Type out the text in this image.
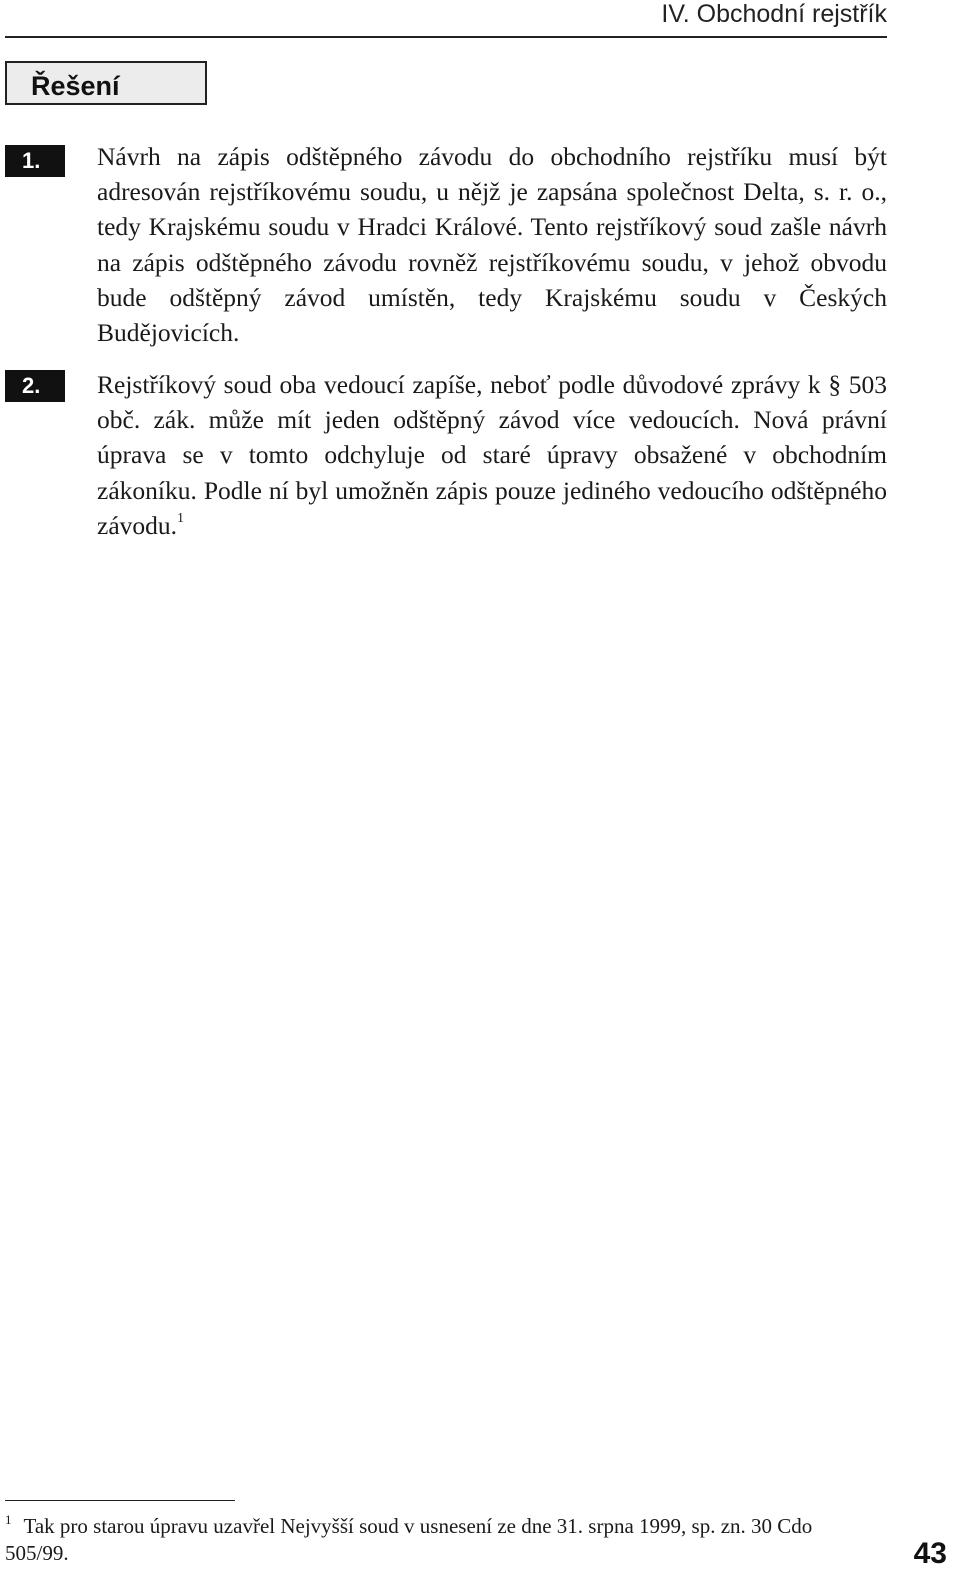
IV. Obchodní rejstřík
Řešení
1.	Návrh na zápis odštěpného závodu do obchodního rejstříku musí být adresován rejstříkovému soudu, u nějž je zapsána společnost Delta, s. r. o., tedy Krajskému soudu v Hradci Králové. Tento rejstříkový soud zašle návrh na zápis odštěpného závodu rovněž rejstříkovému soudu, v jehož obvodu bude odštěpný závod umístěn, tedy Krajskému soudu v Českých Budějovicích.
2.	Rejstříkový soud oba vedoucí zapíše, neboť podle důvodové zprávy k § 503 obč. zák. může mít jeden odštěpný závod více vedoucích. Nová právní úprava se v tomto odchyluje od staré úpravy obsažené v obchodním zákoníku. Podle ní byl umožněn zápis pouze jediného vedoucího odštěpného závodu.$^1$
$^1$ Tak pro starou úpravu uzavřel Nejvyšší soud v usnesení ze dne 31. srpna 1999, sp. zn. 30 Cdo 505/99.	43
